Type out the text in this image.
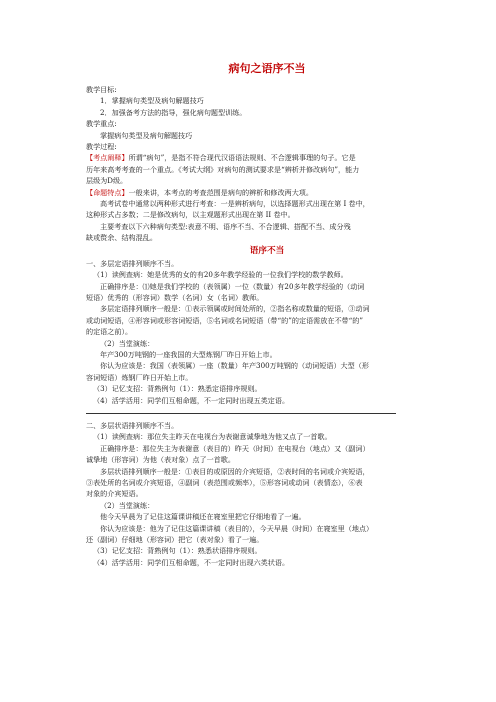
病句之语序不当
教学目标:
1．掌握病句类型及病句解题技巧
2．加强备考方法的指导，强化病句题型训练。
教学重点:
掌握病句类型及病句解题技巧
教学过程:
【考点阐释】所谓“病句”，是指不符合现代汉语语法规则、不合逻辑事理的句子。它是
历年来高考考查的一个重点。《考试大纲》对病句的测试要求是“辨析并修改病句”，能力
层级为D级。
【命题特点】一般来讲，本考点的考查范围是病句的辨析和修改两大项。
高考试卷中通常以两种形式进行考查：一是辨析病句，以选择题形式出现在第 I 卷中，
这种形式占多数；二是修改病句，以主观题形式出现在第 II 卷中。
主要考查以下六种病句类型:表意不明、语序不当、不合逻辑、搭配不当、成分残
缺或赘余、结构混乱。
语序不当
一、多层定语排列顺序不当。
（1）读例查病：她是优秀的女的有20多年教学经验的一位我们学校的数学教师。
正确排序是：⑴她是我们学校的（表领属）一位（数量）有20多年教学经验的（动词
短语）优秀的（形容词）数学（名词）女（名词）教师。
多层定语排列顺序一般是：①表示领属或时间处所的，②指名称或数量的短语，③动词
或动词短语，④形容词或形容词短语，⑤名词或名词短语（带“的”的定语需放在不带“的”
的定语之前）。
（2）当堂演练：
年产300万吨钢的一座我国的大型炼钢厂昨日开始上市。
你认为应该是：我国（表领属）一座（数量）年产300万吨钢的（动词短语）大型（形
容词短语）炼钢厂昨日开始上市。
（3）记忆支招：背熟例句（1）：熟悉定语排序规则。
（4）活学活用：同学们互相命题，不一定同时出现五类定语。
二、多层状语排列顺序不当。
（1）读例查病：那位失主昨天在电视台为表谢意诚挚地为他又点了一首歌。
正确排序是：那位失主为表谢意（表目的）昨天（时间）在电视台（地点）又（副词）
诚挚地（形容词）为他（表对象）点了一首歌。
多层状语排列顺序一般是：①表目的或原因的介宾短语，②表时间的名词或介宾短语，
③表处所的名词或介宾短语，④副词（表范围或频率），⑤形容词或动词（表情态），⑥表
对象的介宾短语。
（2）当堂演练：
他今天早晨为了记住这篇课讲稿还在寝室里把它仔细地看了一遍。
你认为应该是：他为了记住这篇课讲稿（表目的），今天早晨（时间）在寝室里（地点）
还（副词）仔细地（形容词）把它（表对象）看了一遍。
（3）记忆支招：背熟例句（1）：熟悉状语排序规则。
（4）活学活用：同学们互相命题，不一定同时出现六类状语。
